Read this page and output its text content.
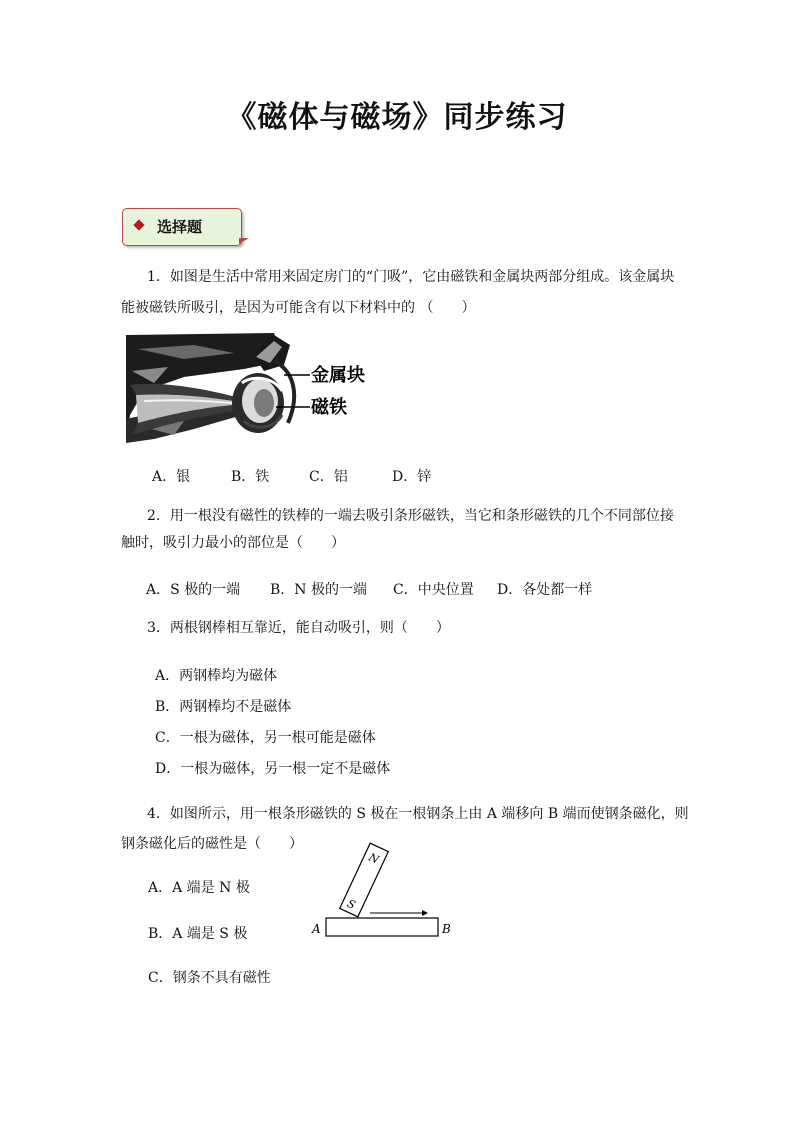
《磁体与磁场》同步练习
选择题
1．如图是生活中常用来固定房门的“门吸”，它由磁铁和金属块两部分组成。该金属块
能被磁铁所吸引，是因为可能含有以下材料中的 （　　）
金属块
磁铁
A．银	B．铁	C．铝	D．锌
2．用一根没有磁性的铁棒的一端去吸引条形磁铁，当它和条形磁铁的几个不同部位接
触时，吸引力最小的部位是（　　）
A．S 极的一端 B．N 极的一端 C．中央位置 D．各处都一样
3．两根钢棒相互靠近，能自动吸引，则（　　）
A．两钢棒均为磁体
B．两钢棒均不是磁体
C．一根为磁体，另一根可能是磁体
D．一根为磁体，另一根一定不是磁体
4．如图所示，用一根条形磁铁的 S 极在一根钢条上由 A 端移向 B 端而使钢条磁化，则
钢条磁化后的磁性是（　　）
A．A 端是 N 极
B．A 端是 S 极
C．钢条不具有磁性
N
S
A	B
